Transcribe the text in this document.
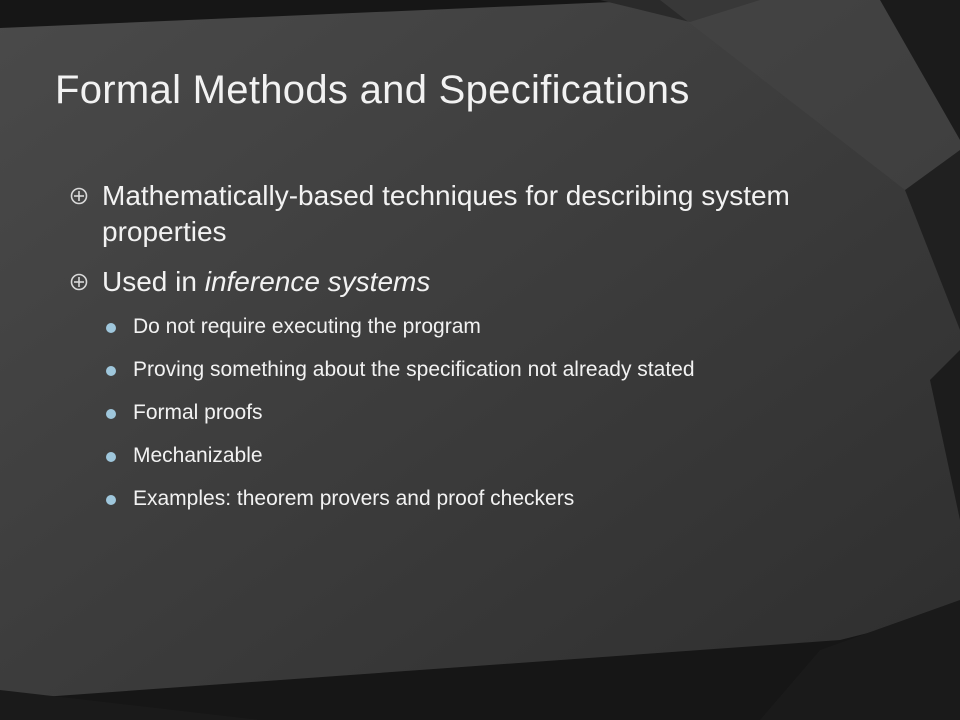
Formal Methods and Specifications
Mathematically-based techniques for describing system properties
Used in inference systems
Do not require executing the program
Proving something about the specification not already stated
Formal proofs
Mechanizable
Examples: theorem provers and proof checkers
